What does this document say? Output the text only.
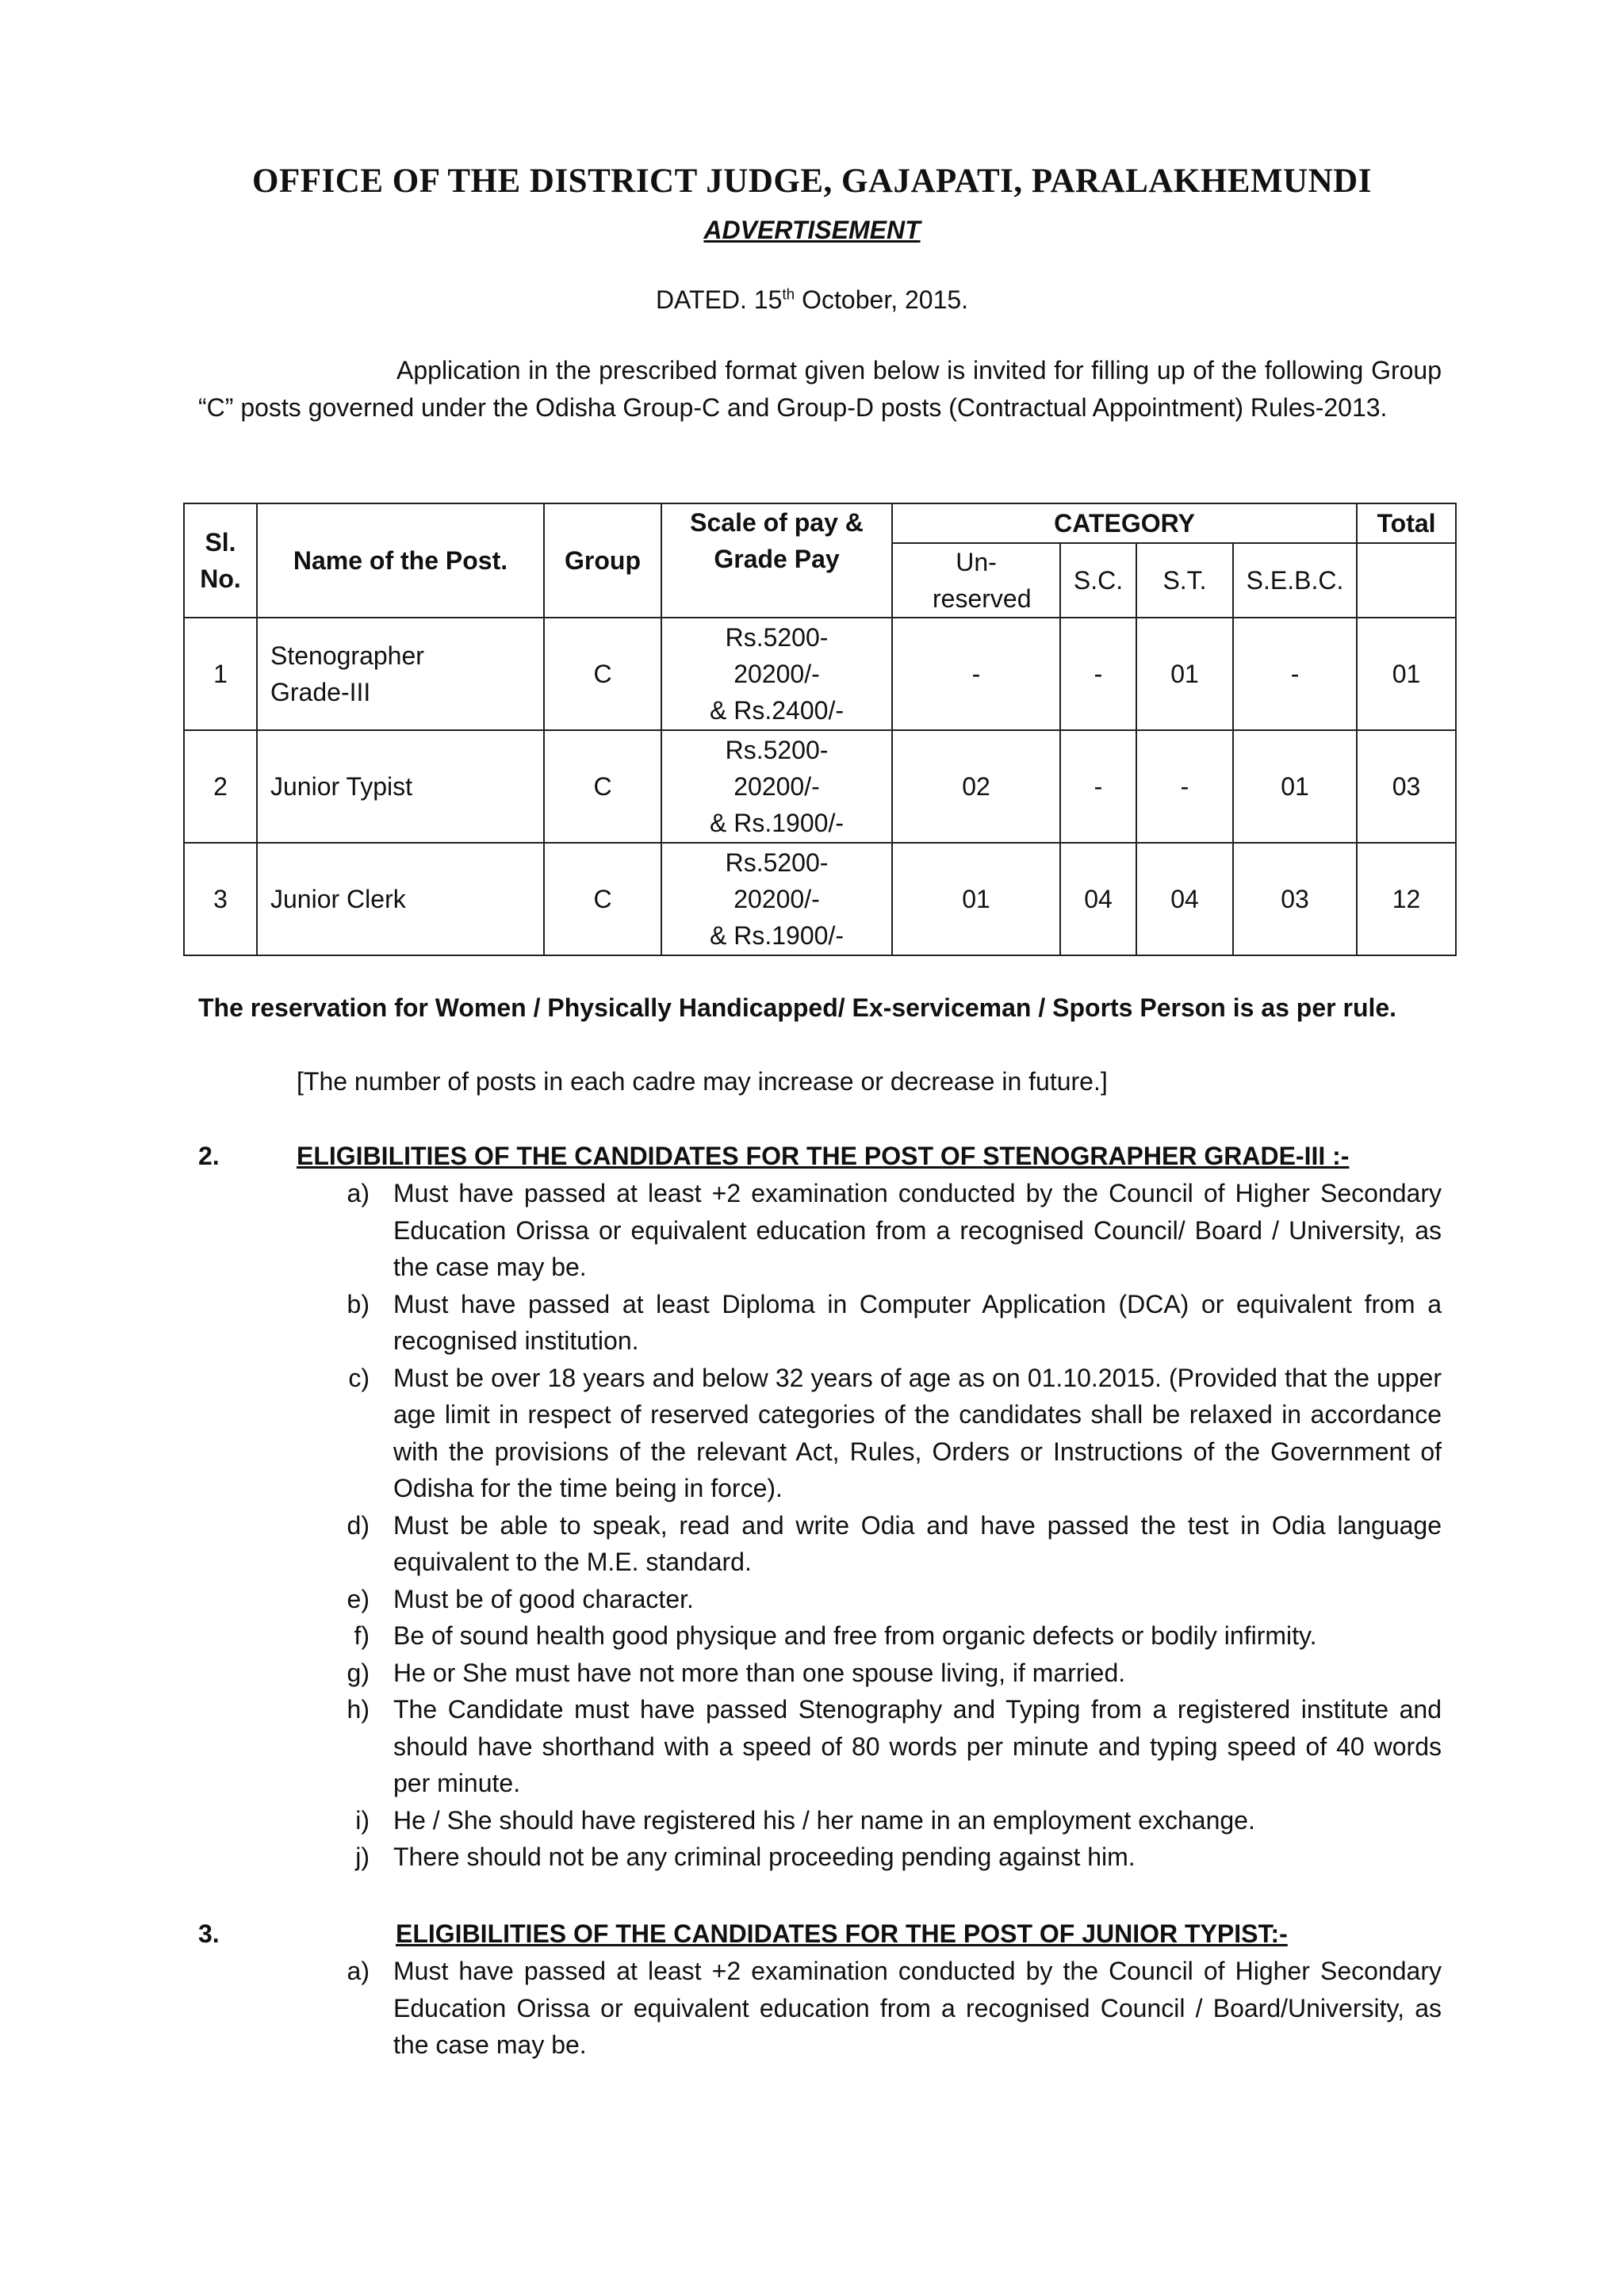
OFFICE OF THE DISTRICT JUDGE, GAJAPATI, PARALAKHEMUNDI
ADVERTISEMENT
DATED. 15th October, 2015.
Application in the prescribed format given below is invited for filling up of the following Group “C” posts governed under the Odisha Group-C and Group-D posts (Contractual Appointment) Rules-2013.
Sl. No.	Name of the Post.	Group	Scale of pay & Grade Pay	CATEGORY				Total
				Un-reserved	S.C.	S.T.	S.E.B.C.	
1	Stenographer Grade-III	C	Rs.5200-
20200/-
& Rs.2400/-	-	-	01	-	01
2	Junior Typist	C	Rs.5200-
20200/-
& Rs.1900/-	02	-	-	01	03
3	Junior Clerk	C	Rs.5200-
20200/-
& Rs.1900/-	01	04	04	03	12
The reservation for Women / Physically Handicapped/ Ex-serviceman / Sports Person is as per rule.
[The number of posts in each cadre may increase or decrease in future.]
2.	ELIGIBILITIES OF THE CANDIDATES FOR THE POST OF STENOGRAPHER GRADE-III :-
a) Must have passed at least +2 examination conducted by the Council of Higher Secondary Education Orissa or equivalent education from a recognised Council/ Board / University, as the case may be.
b) Must have passed at least Diploma in Computer Application (DCA) or equivalent from a recognised institution.
c) Must be over 18 years and below 32 years of age as on 01.10.2015. (Provided that the upper age limit in respect of reserved categories of the candidates shall be relaxed in accordance with the provisions of the relevant Act, Rules, Orders or Instructions of the Government of Odisha for the time being in force).
d) Must be able to speak, read and write Odia and have passed the test in Odia language equivalent to the M.E. standard.
e) Must be of good character.
f) Be of sound health good physique and free from organic defects or bodily infirmity.
g) He or She must have not more than one spouse living, if married.
h) The Candidate must have passed Stenography and Typing from a registered institute and should have shorthand with a speed of 80 words per minute and typing speed of 40 words per minute.
i) He / She should have registered his / her name in an employment exchange.
j) There should not be any criminal proceeding pending against him.
3.	ELIGIBILITIES OF THE CANDIDATES FOR THE POST OF JUNIOR TYPIST:-
a) Must have passed at least +2 examination conducted by the Council of Higher Secondary Education Orissa or equivalent education from a recognised Council / Board/University, as the case may be.
